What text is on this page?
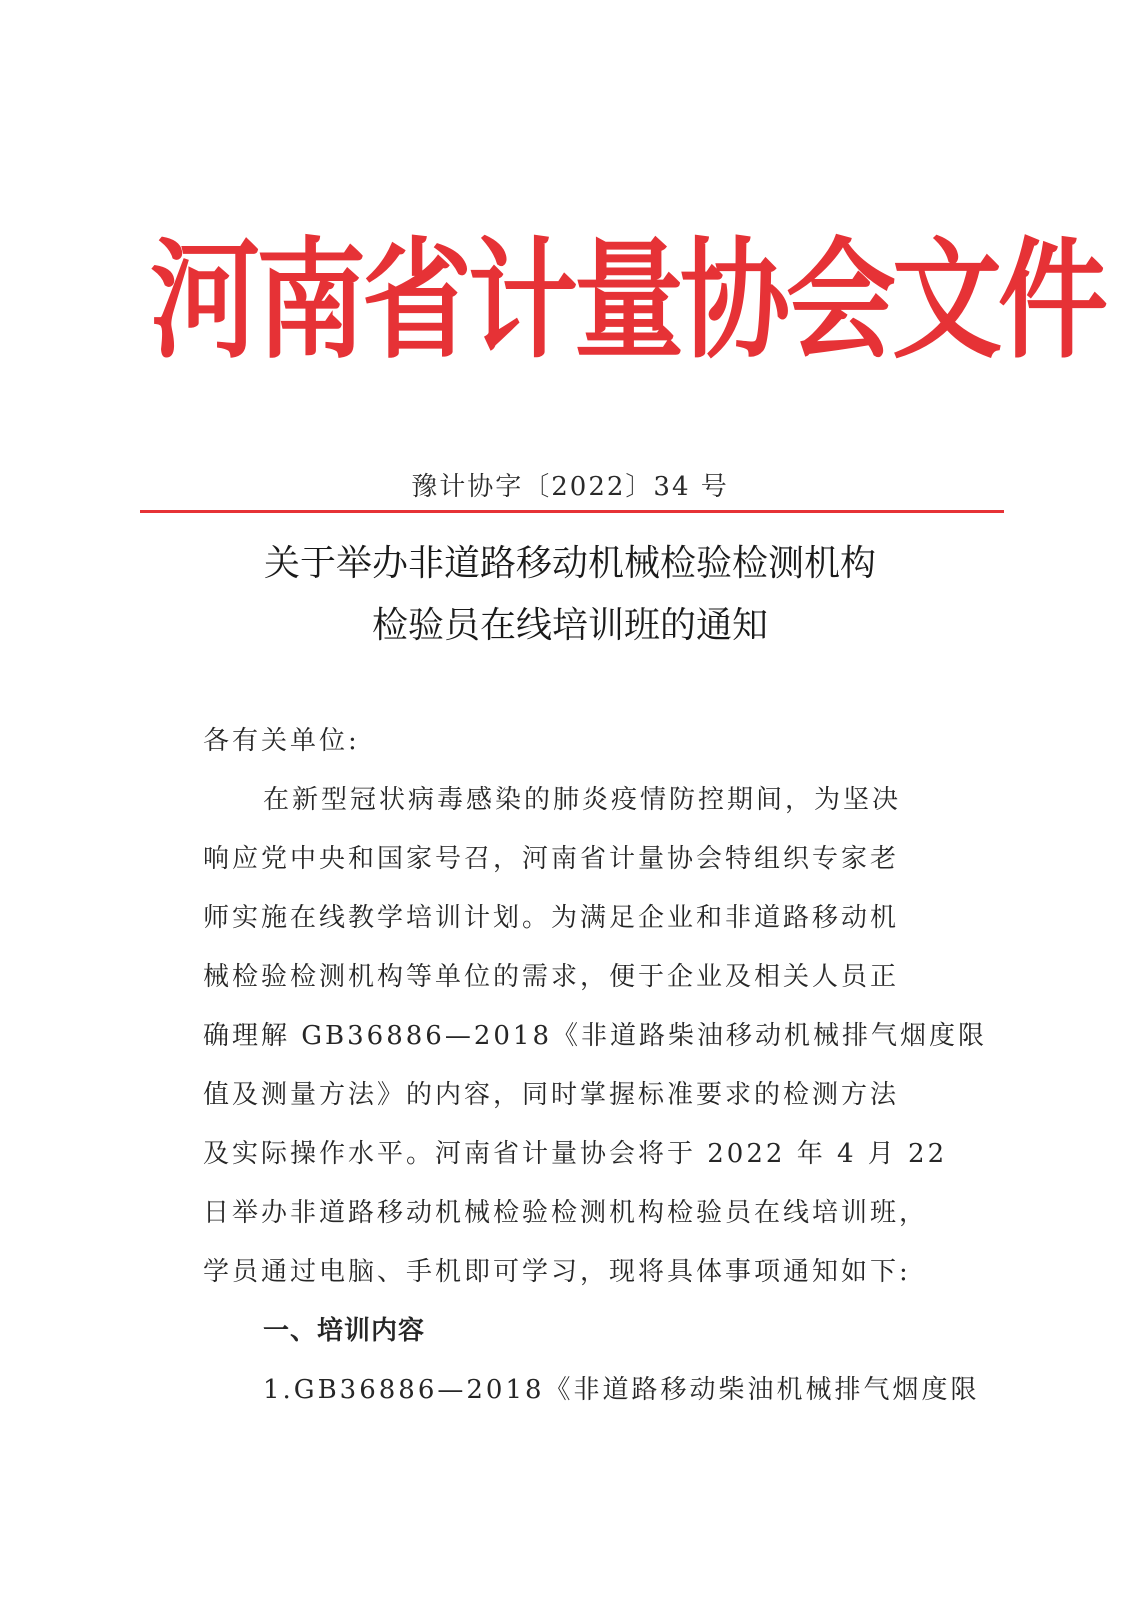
河南省计量协会文件
豫计协字〔2022〕34 号
关于举办非道路移动机械检验检测机构
检验员在线培训班的通知

各有关单位:

在新型冠状病毒感染的肺炎疫情防控期间，为坚决

响应党中央和国家号召，河南省计量协会特组织专家老

师实施在线教学培训计划。为满足企业和非道路移动机

械检验检测机构等单位的需求，便于企业及相关人员正

确理解 GB36886—2018《非道路柴油移动机械排气烟度限

值及测量方法》的内容，同时掌握标准要求的检测方法

及实际操作水平。河南省计量协会将于 2022 年 4 月 22

日举办非道路移动机械检验检测机构检验员在线培训班，

学员通过电脑、手机即可学习，现将具体事项通知如下:

一、培训内容

1.GB36886—2018《非道路移动柴油机械排气烟度限
